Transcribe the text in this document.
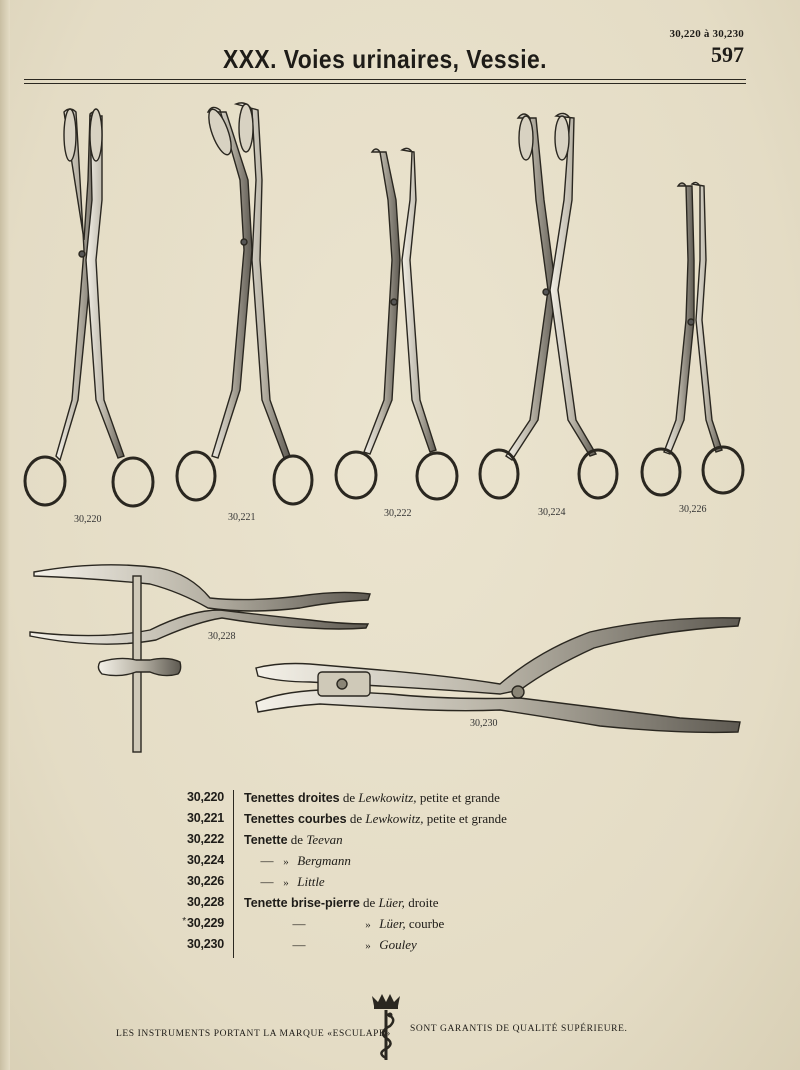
30,220 à 30,230
597
XXX. Voies urinaires, Vessie.
30,220	30,221	30,222	30,224	30,226
30,228
30,230
30,220 Tenettes droites de Lewkowitz, petite et grande
30,221 Tenettes courbes de Lewkowitz, petite et grande
30,222 Tenette de Teevan
30,224	— » Bergmann
30,226	— » Little
30,228 Tenette brise-pierre de Lüer, droite
*30,229	—	» Lüer, courbe
30,230	—	» Gouley
LES INSTRUMENTS PORTANT LA MARQUE «ESCULAPE» SONT GARANTIS DE QUALITÉ SUPÉRIEURE.
